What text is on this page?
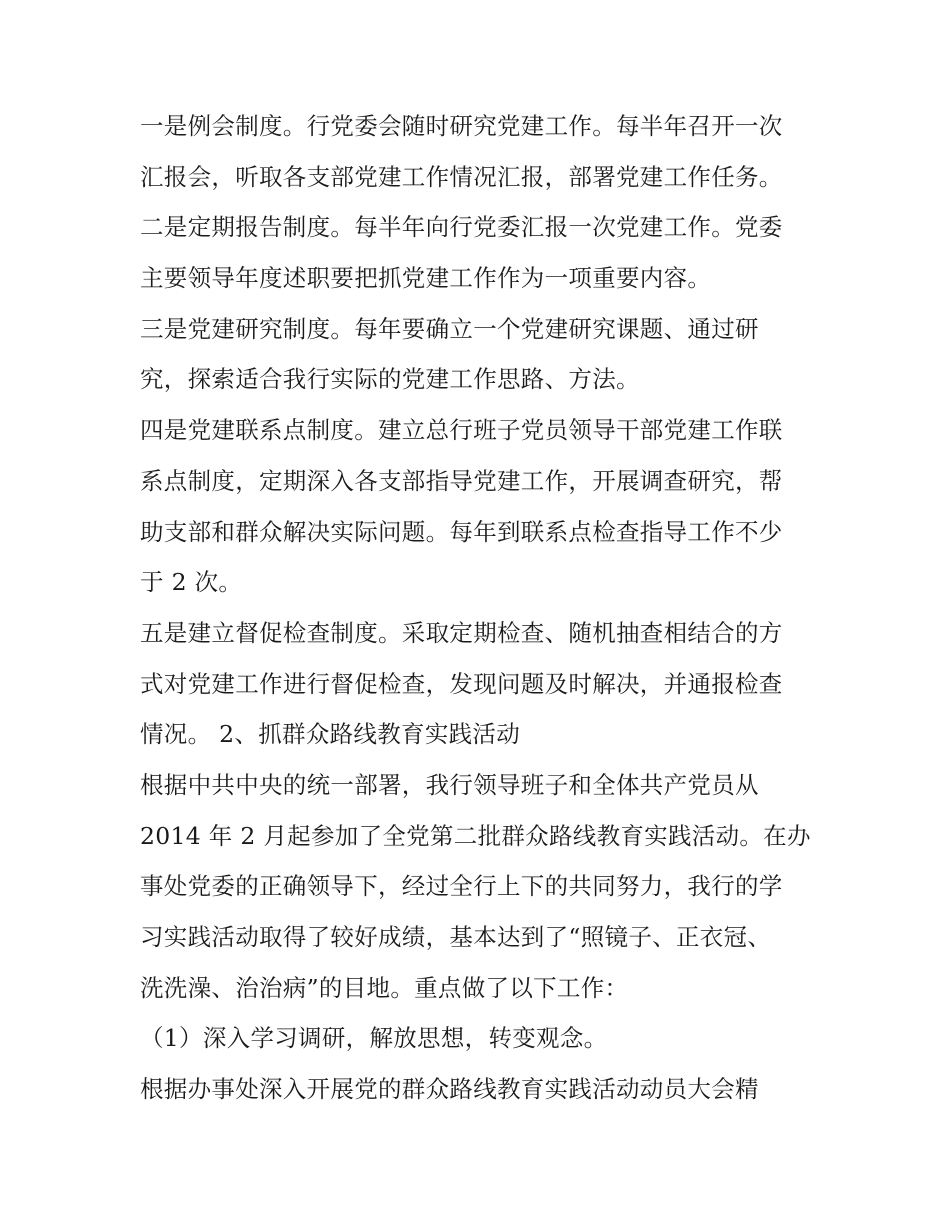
一是例会制度。行党委会随时研究党建工作。每半年召开一次
汇报会，听取各支部党建工作情况汇报，部署党建工作任务。
二是定期报告制度。每半年向行党委汇报一次党建工作。党委
主要领导年度述职要把抓党建工作作为一项重要内容。
三是党建研究制度。每年要确立一个党建研究课题、通过研
究，探索适合我行实际的党建工作思路、方法。
四是党建联系点制度。建立总行班子党员领导干部党建工作联
系点制度，定期深入各支部指导党建工作，开展调查研究，帮
助支部和群众解决实际问题。每年到联系点检查指导工作不少
于 2 次。
五是建立督促检查制度。采取定期检查、随机抽查相结合的方
式对党建工作进行督促检查，发现问题及时解决，并通报检查
情况。 2、抓群众路线教育实践活动
根据中共中央的统一部署，我行领导班子和全体共产党员从
2014 年 2 月起参加了全党第二批群众路线教育实践活动。在办
事处党委的正确领导下，经过全行上下的共同努力，我行的学
习实践活动取得了较好成绩，基本达到了“照镜子、正衣冠、
洗洗澡、治治病”的目地。重点做了以下工作：
（1）深入学习调研，解放思想，转变观念。
根据办事处深入开展党的群众路线教育实践活动动员大会精
